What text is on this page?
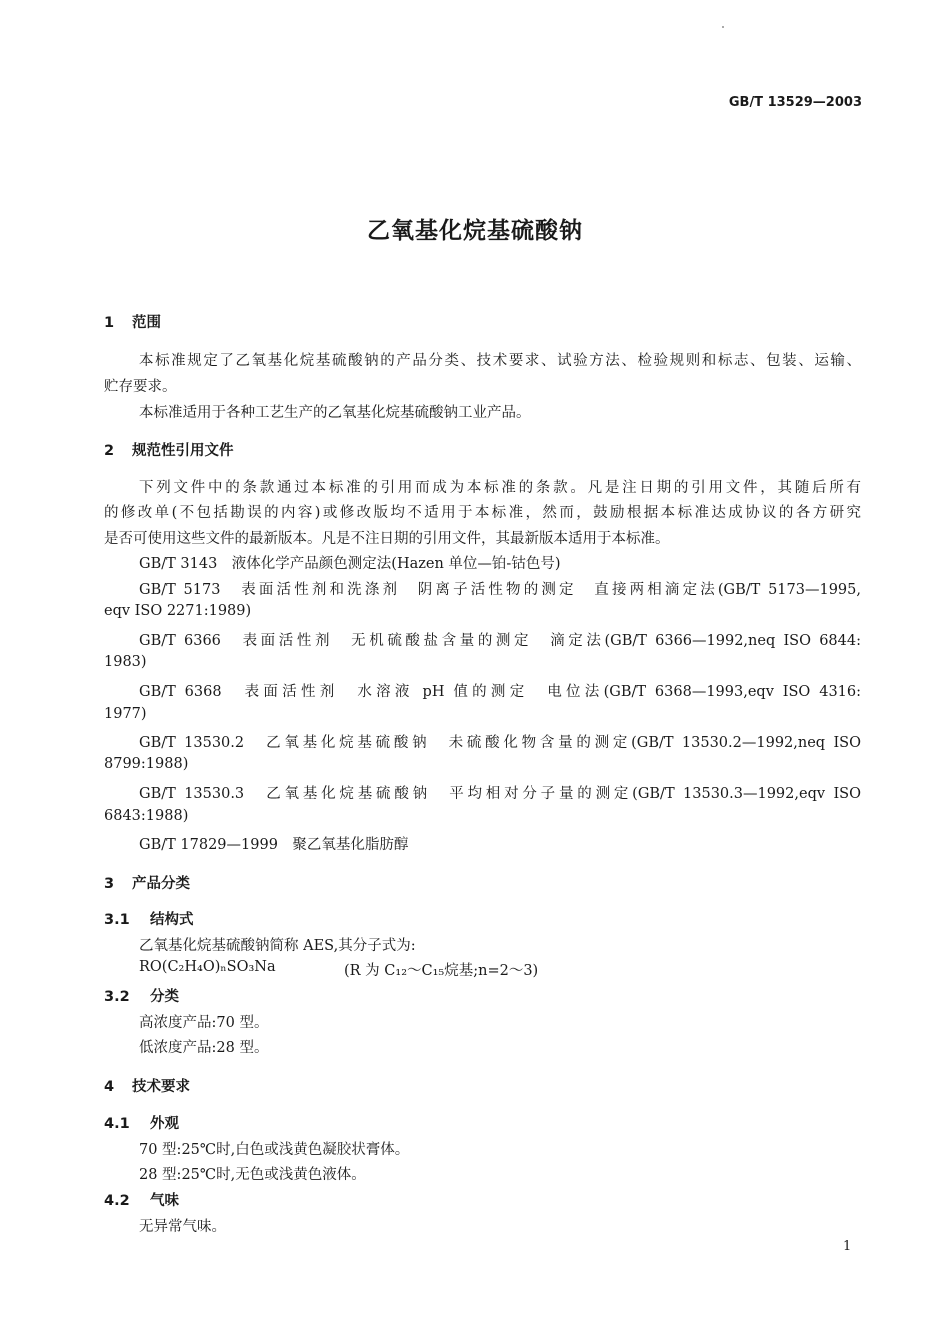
GB/T 13529—2003
乙氧基化烷基硫酸钠
1 范围
本标准规定了乙氧基化烷基硫酸钠的产品分类、技术要求、试验方法、检验规则和标志、包装、运输、
贮存要求。
本标准适用于各种工艺生产的乙氧基化烷基硫酸钠工业产品。
2 规范性引用文件
下列文件中的条款通过本标准的引用而成为本标准的条款。凡是注日期的引用文件，其随后所有
的修改单(不包括勘误的内容)或修改版均不适用于本标准，然而，鼓励根据本标准达成协议的各方研究
是否可使用这些文件的最新版本。凡是不注日期的引用文件，其最新版本适用于本标准。
GB/T 3143　液体化学产品颜色测定法(Hazen 单位—铂-钴色号)
GB/T 5173　表面活性剂和洗涤剂　阴离子活性物的测定　直接两相滴定法(GB/T 5173—1995,
eqv ISO 2271:1989)
GB/T 6366　表面活性剂　无机硫酸盐含量的测定　滴定法(GB/T 6366—1992,neq ISO 6844:
1983)
GB/T 6368　表面活性剂　水溶液 pH 值的测定　电位法(GB/T 6368—1993,eqv ISO 4316:
1977)
GB/T 13530.2　乙氧基化烷基硫酸钠　未硫酸化物含量的测定(GB/T 13530.2—1992,neq ISO
8799:1988)
GB/T 13530.3　乙氧基化烷基硫酸钠　平均相对分子量的测定(GB/T 13530.3—1992,eqv ISO
6843:1988)
GB/T 17829—1999　聚乙氧基化脂肪醇
3 产品分类
3.1 结构式
乙氧基化烷基硫酸钠简称 AES,其分子式为:
RO(C₂H₄O)ₙSO₃Na	(R 为 C₁₂～C₁₅烷基;n=2～3)
3.2 分类
高浓度产品:70 型。
低浓度产品:28 型。
4 技术要求
4.1 外观
70 型:25℃时,白色或浅黄色凝胶状膏体。
28 型:25℃时,无色或浅黄色液体。
4.2 气味
无异常气味。
1
